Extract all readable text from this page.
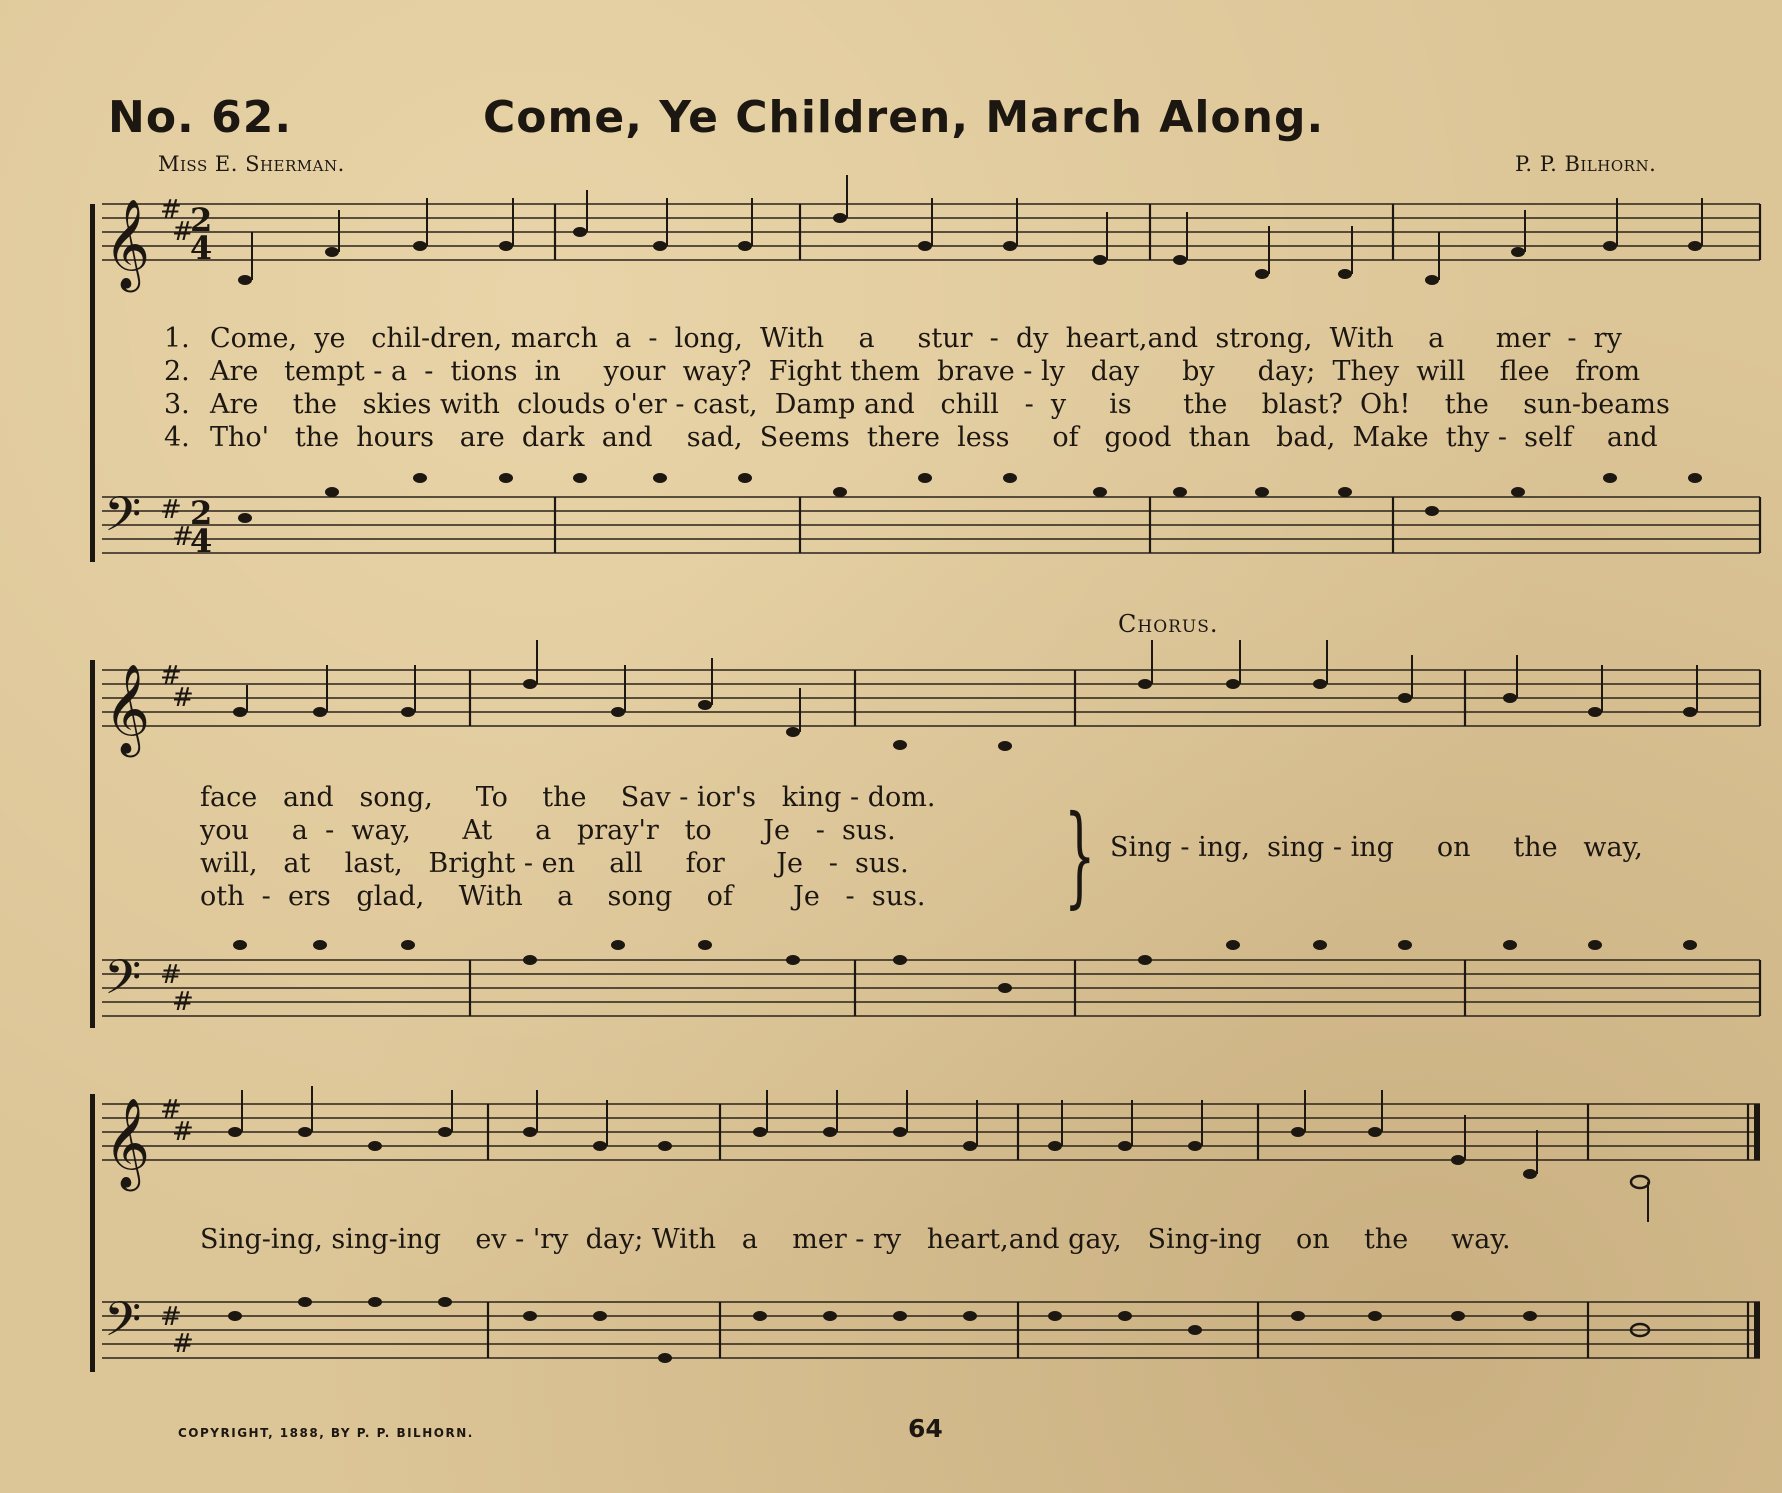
No. 62.	Come, Ye Children, March Along.
Miss E. Sherman.	P. P. Bilhorn.
𝄞
𝄢
𝄞
𝄢
𝄞
𝄢
#
#
#
#
#
#
#
#
#
#
#
#
2
4
2
4
1. Come,  ye   chil-dren, march  a  -  long,  With    a     stur  -  dy  heart,and  strong,  With    a      mer  -  ry
2. Are   tempt - a  -  tions  in     your  way?  Fight them  brave - ly   day     by     day;  They  will    flee   from
3. Are    the   skies with  clouds o'er - cast,  Damp and   chill   -  y     is      the    blast?  Oh!    the    sun-beams
4. Tho'   the  hours   are  dark  and    sad,  Seems  there  less     of   good  than   bad,  Make  thy -  self    and
Chorus.
face   and   song,     To    the    Sav - ior's   king - dom.
you     a  -  way,      At     a   pray'r   to      Je   -  sus.
will,   at    last,   Bright - en    all     for      Je   -  sus.
oth  -  ers   glad,    With    a    song    of       Je   -  sus. } Sing - ing,  sing - ing     on     the   way,
Sing-ing, sing-ing    ev - 'ry  day; With   a    mer - ry   heart,and gay,   Sing-ing    on    the     way.
COPYRIGHT, 1888, BY P. P. BILHORN.	64
